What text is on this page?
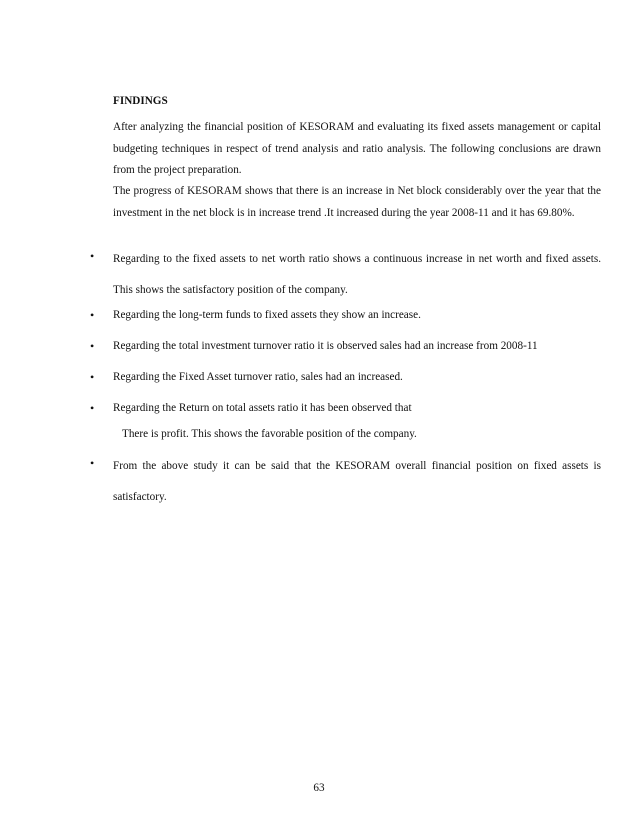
FINDINGS

After analyzing the financial position of KESORAM and evaluating its fixed assets management or capital budgeting techniques in respect of trend analysis and ratio analysis. The following conclusions are drawn from the project preparation.

The progress of KESORAM shows that there is an increase in Net block considerably over the year that the investment in the net block is in increase trend .It increased during the year 2008-11 and it has 69.80%.

•	Regarding to the fixed assets to net worth ratio shows a continuous increase in net worth and fixed assets. This shows the satisfactory position of the company.
•	Regarding the long-term funds to fixed assets they show an increase.
•	Regarding the total investment turnover ratio it is observed sales had an increase from 2008-11
•	Regarding the Fixed Asset turnover ratio, sales had an increased.
•	Regarding the Return on total assets ratio it has been observed that
There is profit. This shows the favorable position of the company.
•	From the above study it can be said that the KESORAM overall financial position on fixed assets is satisfactory.
63
